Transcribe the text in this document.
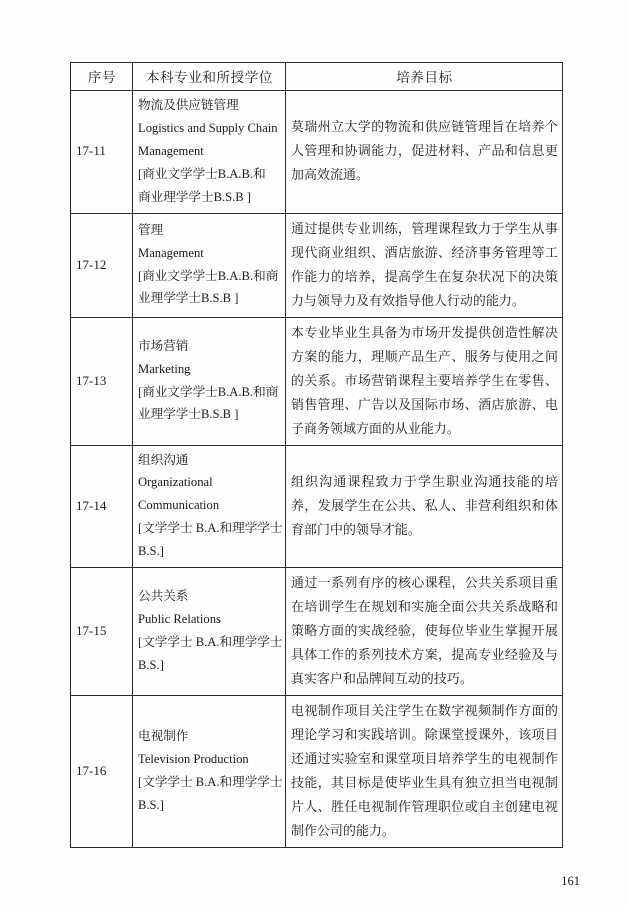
序号	本科专业和所授学位	培养目标
17-11	物流及供应链管理
Logistics and Supply Chain
Management
[商业文学学士B.A.B.和
商业理学学士B.S.B ]	莫瑞州立大学的物流和供应链管理旨在培养个人管理和协调能力，促进材料、产品和信息更加高效流通。
17-12	管理
Management
[商业文学学士B.A.B.和商
业理学学士B.S.B ]	通过提供专业训练，管理课程致力于学生从事现代商业组织、酒店旅游、经济事务管理等工作能力的培养，提高学生在复杂状况下的决策力与领导力及有效指导他人行动的能力。
17-13	市场营销
Marketing
[商业文学学士B.A.B.和商
业理学学士B.S.B ]	本专业毕业生具备为市场开发提供创造性解决方案的能力，理顺产品生产、服务与使用之间的关系。市场营销课程主要培养学生在零售、销售管理、广告以及国际市场、酒店旅游、电子商务领域方面的从业能力。
17-14	组织沟通
Organizational
Communication
[文学学士 B.A.和理学学士
B.S.]	组织沟通课程致力于学生职业沟通技能的培养，发展学生在公共、私人、非营利组织和体育部门中的领导才能。
17-15	公共关系
Public Relations
[文学学士 B.A.和理学学士
B.S.]	通过一系列有序的核心课程，公共关系项目重在培训学生在规划和实施全面公共关系战略和策略方面的实战经验，使每位毕业生掌握开展具体工作的系列技术方案，提高专业经验及与真实客户和品牌间互动的技巧。
17-16	电视制作
Television Production
[文学学士 B.A.和理学学士
B.S.]	电视制作项目关注学生在数字视频制作方面的理论学习和实践培训。除课堂授课外，该项目还通过实验室和课堂项目培养学生的电视制作技能，其目标是使毕业生具有独立担当电视制片人、胜任电视制作管理职位或自主创建电视制作公司的能力。
161
